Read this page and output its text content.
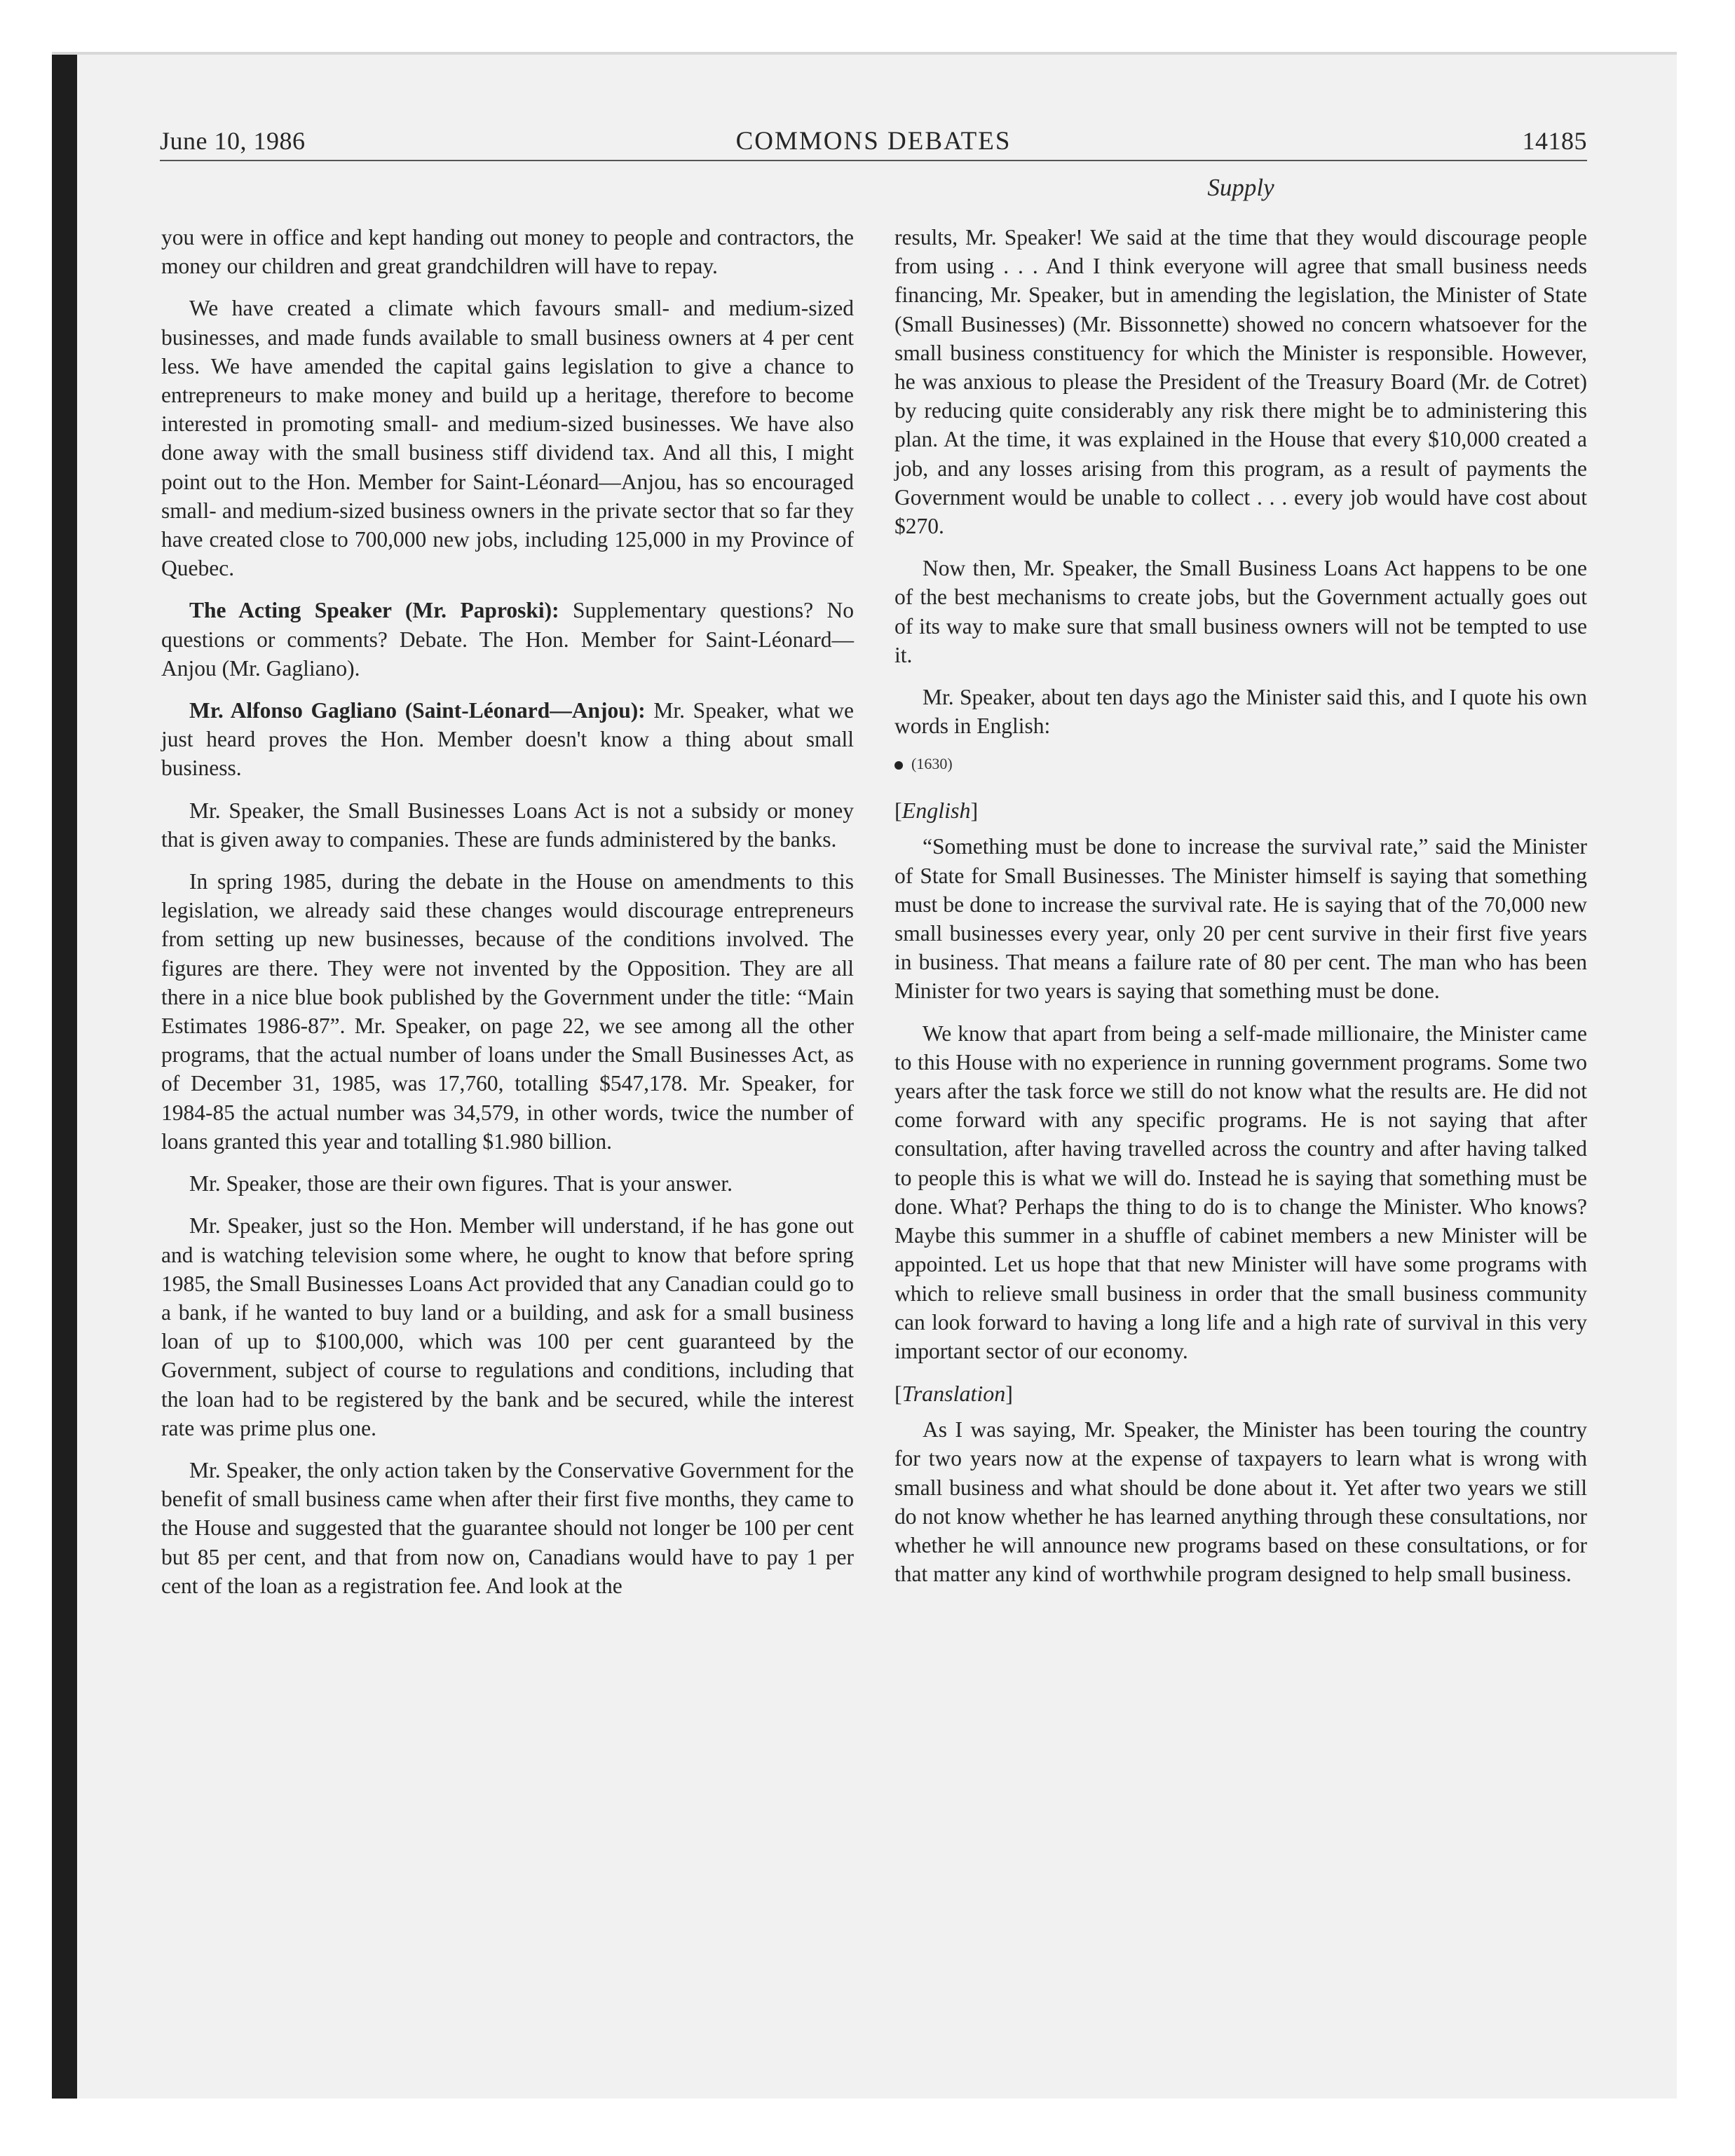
June 10, 1986	COMMONS DEBATES	14185
Supply

you were in office and kept handing out money to people and contractors, the money our children and great grandchildren will have to repay.

We have created a climate which favours small- and medium-sized businesses, and made funds available to small business owners at 4 per cent less. We have amended the capital gains legislation to give a chance to entrepreneurs to make money and build up a heritage, therefore to become interested in promoting small- and medium-sized businesses. We have also done away with the small business stiff dividend tax. And all this, I might point out to the Hon. Member for Saint-Léonard—Anjou, has so encouraged small- and medium-sized business owners in the private sector that so far they have created close to 700,000 new jobs, including 125,000 in my Province of Quebec.

The Acting Speaker (Mr. Paproski): Supplementary questions? No questions or comments? Debate. The Hon. Member for Saint-Léonard—Anjou (Mr. Gagliano).

Mr. Alfonso Gagliano (Saint-Léonard—Anjou): Mr. Speaker, what we just heard proves the Hon. Member doesn't know a thing about small business.

Mr. Speaker, the Small Businesses Loans Act is not a subsidy or money that is given away to companies. These are funds administered by the banks.

In spring 1985, during the debate in the House on amendments to this legislation, we already said these changes would discourage entrepreneurs from setting up new businesses, because of the conditions involved. The figures are there. They were not invented by the Opposition. They are all there in a nice blue book published by the Government under the title: “Main Estimates 1986-87”. Mr. Speaker, on page 22, we see among all the other programs, that the actual number of loans under the Small Businesses Act, as of December 31, 1985, was 17,760, totalling $547,178. Mr. Speaker, for 1984-85 the actual number was 34,579, in other words, twice the number of loans granted this year and totalling $1.980 billion.

Mr. Speaker, those are their own figures. That is your answer.

Mr. Speaker, just so the Hon. Member will understand, if he has gone out and is watching television some where, he ought to know that before spring 1985, the Small Businesses Loans Act provided that any Canadian could go to a bank, if he wanted to buy land or a building, and ask for a small business loan of up to $100,000, which was 100 per cent guaranteed by the Government, subject of course to regulations and conditions, including that the loan had to be registered by the bank and be secured, while the interest rate was prime plus one.

Mr. Speaker, the only action taken by the Conservative Government for the benefit of small business came when after their first five months, they came to the House and suggested that the guarantee should not longer be 100 per cent but 85 per cent, and that from now on, Canadians would have to pay 1 per cent of the loan as a registration fee. And look at the

results, Mr. Speaker! We said at the time that they would discourage people from using . . . And I think everyone will agree that small business needs financing, Mr. Speaker, but in amending the legislation, the Minister of State (Small Businesses) (Mr. Bissonnette) showed no concern whatsoever for the small business constituency for which the Minister is responsible. However, he was anxious to please the President of the Treasury Board (Mr. de Cotret) by reducing quite considerably any risk there might be to administering this plan. At the time, it was explained in the House that every $10,000 created a job, and any losses arising from this program, as a result of payments the Government would be unable to collect . . . every job would have cost about $270.

Now then, Mr. Speaker, the Small Business Loans Act happens to be one of the best mechanisms to create jobs, but the Government actually goes out of its way to make sure that small business owners will not be tempted to use it.

Mr. Speaker, about ten days ago the Minister said this, and I quote his own words in English:

(1630)
[English]

“Something must be done to increase the survival rate,” said the Minister of State for Small Businesses. The Minister himself is saying that something must be done to increase the survival rate. He is saying that of the 70,000 new small businesses every year, only 20 per cent survive in their first five years in business. That means a failure rate of 80 per cent. The man who has been Minister for two years is saying that something must be done.

We know that apart from being a self-made millionaire, the Minister came to this House with no experience in running government programs. Some two years after the task force we still do not know what the results are. He did not come forward with any specific programs. He is not saying that after consultation, after having travelled across the country and after having talked to people this is what we will do. Instead he is saying that something must be done. What? Perhaps the thing to do is to change the Minister. Who knows? Maybe this summer in a shuffle of cabinet members a new Minister will be appointed. Let us hope that that new Minister will have some programs with which to relieve small business in order that the small business community can look forward to having a long life and a high rate of survival in this very important sector of our economy.

[Translation]

As I was saying, Mr. Speaker, the Minister has been touring the country for two years now at the expense of taxpayers to learn what is wrong with small business and what should be done about it. Yet after two years we still do not know whether he has learned anything through these consultations, nor whether he will announce new programs based on these consultations, or for that matter any kind of worthwhile program designed to help small business.
